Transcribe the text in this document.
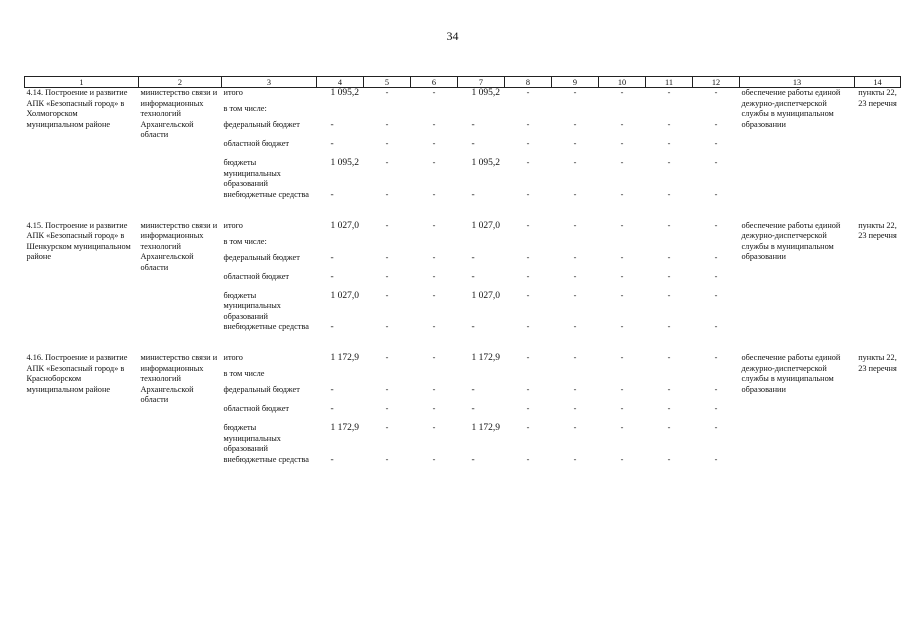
34
1	2	3	4	5	6	7	8	9	10	11	12	13	14
4.14. Построение и развитие АПК «Безопасный город» в Холмогорском муниципальном районе	министерство связи и информационных технологий Архангельской области	итого	1 095,2	-	-	1 095,2	-	-	-	-	-	обеспечение работы единой дежурно-диспетчерской службы в муниципальном образовании	пункты 22, 23 перечня
		в том числе:											
		федеральный бюджет	-	-	-	-	-	-	-	-	-		
		областной бюджет	-	-	-	-	-	-	-	-	-		
		бюджеты муниципальных образований	1 095,2	-	-	1 095,2	-	-	-	-	-		
		внебюджетные средства	-	-	-	-	-	-	-	-	-		

4.15. Построение и развитие АПК «Безопасный город» в Шенкурском муниципальном районе	министерство связи и информационных технологий Архангельской области	итого	1 027,0	-	-	1 027,0	-	-	-	-	-	обеспечение работы единой дежурно-диспетчерской службы в муниципальном образовании	пункты 22, 23 перечня
		в том числе:											
		федеральный бюджет	-	-	-	-	-	-	-	-	-		
		областной бюджет	-	-	-	-	-	-	-	-	-		
		бюджеты муниципальных образований	1 027,0	-	-	1 027,0	-	-	-	-	-		
		внебюджетные средства	-	-	-	-	-	-	-	-	-		

4.16. Построение и развитие АПК «Безопасный город» в Красноборском муниципальном районе	министерство связи и информационных технологий Архангельской области	итого	1 172,9	-	-	1 172,9	-	-	-	-	-	обеспечение работы единой дежурно-диспетчерской службы в муниципальном образовании	пункты 22, 23 перечня
		в том числе											
		федеральный бюджет	-	-	-	-	-	-	-	-	-		
		областной бюджет	-	-	-	-	-	-	-	-	-		
		бюджеты муниципальных образований	1 172,9	-	-	1 172,9	-	-	-	-	-		
		внебюджетные средства	-	-	-	-	-	-	-	-	-		
